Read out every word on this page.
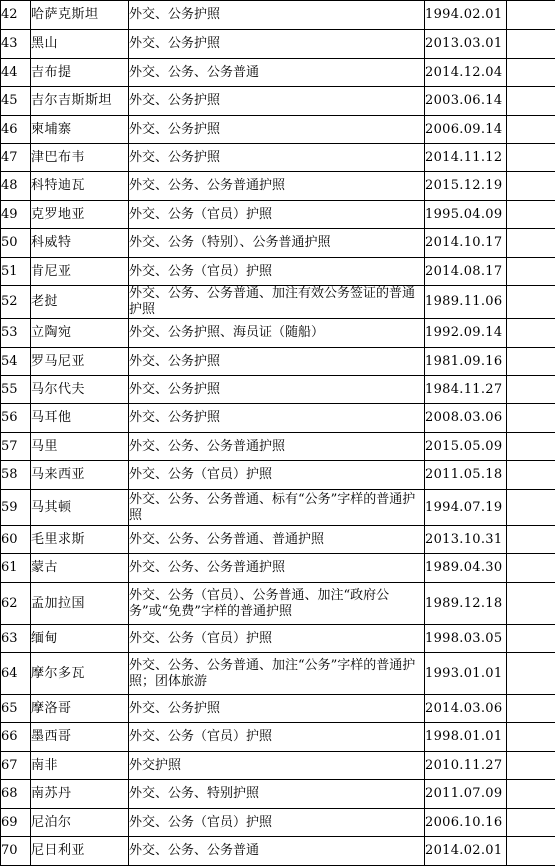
42	哈萨克斯坦	外交、公务护照	1994.02.01	
43	黑山	外交、公务护照	2013.03.01	
44	吉布提	外交、公务、公务普通	2014.12.04	
45	吉尔吉斯斯坦	外交、公务护照	2003.06.14	
46	柬埔寨	外交、公务护照	2006.09.14	
47	津巴布韦	外交、公务护照	2014.11.12	
48	科特迪瓦	外交、公务、公务普通护照	2015.12.19	
49	克罗地亚	外交、公务（官员）护照	1995.04.09	
50	科威特	外交、公务（特别）、公务普通护照	2014.10.17	
51	肯尼亚	外交、公务（官员）护照	2014.08.17	
52	老挝	外交、公务、公务普通、加注有效公务签证的普通护照	1989.11.06	
53	立陶宛	外交、公务护照、海员证（随船）	1992.09.14	
54	罗马尼亚	外交、公务护照	1981.09.16	
55	马尔代夫	外交、公务护照	1984.11.27	
56	马耳他	外交、公务护照	2008.03.06	
57	马里	外交、公务、公务普通护照	2015.05.09	
58	马来西亚	外交、公务（官员）护照	2011.05.18	
59	马其顿	外交、公务、公务普通、标有“公务”字样的普通护照	1994.07.19	
60	毛里求斯	外交、公务、公务普通、普通护照	2013.10.31	
61	蒙古	外交、公务、公务普通护照	1989.04.30	
62	孟加拉国	外交、公务（官员）、公务普通、加注“政府公务”或“免费”字样的普通护照	1989.12.18	
63	缅甸	外交、公务（官员）护照	1998.03.05	
64	摩尔多瓦	外交、公务、公务普通、加注“公务”字样的普通护照；团体旅游	1993.01.01	
65	摩洛哥	外交、公务护照	2014.03.06	
66	墨西哥	外交、公务（官员）护照	1998.01.01	
67	南非	外交护照	2010.11.27	
68	南苏丹	外交、公务、特别护照	2011.07.09	
69	尼泊尔	外交、公务（官员）护照	2006.10.16	
70	尼日利亚	外交、公务、公务普通	2014.02.01	
